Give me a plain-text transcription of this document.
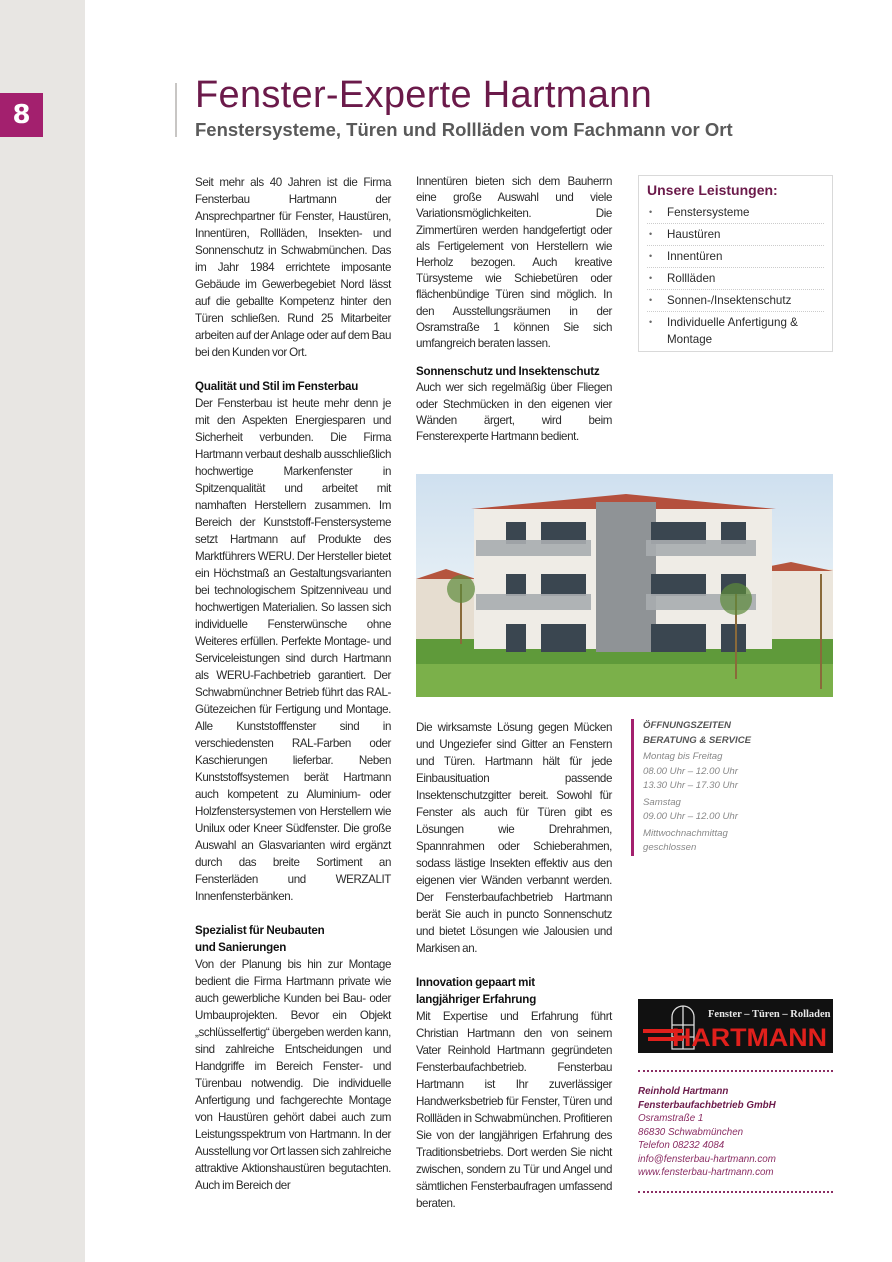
8	Fenster-Experte Hartmann
Fenstersysteme, Türen und Rollläden vom Fachmann vor Ort

Seit mehr als 40 Jahren ist die Firma Fensterbau Hartmann der Ansprechpartner für Fenster, Haustüren, Innentüren, Rollläden, Insekten- und Sonnenschutz in Schwabmünchen. Das im Jahr 1984 errichtete imposante Gebäude im Gewerbegebiet Nord lässt auf die geballte Kompetenz hinter den Türen schließen. Rund 25 Mitarbeiter arbeiten auf der Anlage oder auf dem Bau bei den Kunden vor Ort.

Qualität und Stil im Fensterbau

Der Fensterbau ist heute mehr denn je mit den Aspekten Energiesparen und Sicherheit verbunden. Die Firma Hartmann verbaut deshalb ausschließlich hochwertige Markenfenster in Spitzenqualität und arbeitet mit namhaften Herstellern zusammen. Im Bereich der Kunststoff-Fenstersysteme setzt Hartmann auf Produkte des Marktführers WERU. Der Hersteller bietet ein Höchstmaß an Gestaltungsvarianten bei technologischem Spitzenniveau und hochwertigen Materialien. So lassen sich individuelle Fensterwünsche ohne Weiteres erfüllen. Perfekte Montage- und Serviceleistungen sind durch Hartmann als WERU-Fachbetrieb garantiert. Der Schwabmünchner Betrieb führt das RAL-Gütezeichen für Fertigung und Montage. Alle Kunststofffenster sind in verschiedensten RAL-Farben oder Kaschierungen lieferbar. Neben Kunststoffsystemen berät Hartmann auch kompetent zu Aluminium- oder Holzfenstersystemen von Herstellern wie Unilux oder Kneer Südfenster. Die große Auswahl an Glasvarianten wird ergänzt durch das breite Sortiment an Fensterläden und WERZALIT Innenfensterbänken.

Spezialist für Neubauten
und Sanierungen

Von der Planung bis hin zur Montage bedient die Firma Hartmann private wie auch gewerbliche Kunden bei Bau- oder Umbauprojekten. Bevor ein Objekt „schlüsselfertig“ übergeben werden kann, sind zahlreiche Entscheidungen und Handgriffe im Bereich Fenster- und Türenbau notwendig. Die individuelle Anfertigung und fachgerechte Montage von Haustüren gehört dabei auch zum Leistungsspektrum von Hartmann. In der Ausstellung vor Ort lassen sich zahlreiche attraktive Aktionshaustüren begutachten. Auch im Bereich der

Innentüren bieten sich dem Bauherrn eine große Auswahl und viele Variationsmöglichkeiten. Die Zimmertüren werden handgefertigt oder als Fertigelement von Herstellern wie Herholz bezogen. Auch kreative Türsysteme wie Schiebetüren oder flächenbündige Türen sind möglich. In den Ausstellungsräumen in der Osramstraße 1 können Sie sich umfangreich beraten lassen.

Sonnenschutz und Insektenschutz

Auch wer sich regelmäßig über Fliegen oder Stechmücken in den eigenen vier Wänden ärgert, wird beim Fensterexperte Hartmann bedient.

Die wirksamste Lösung gegen Mücken und Ungeziefer sind Gitter an Fenstern und Türen. Hartmann hält für jede Einbausituation passende Insektenschutzgitter bereit. Sowohl für Fenster als auch für Türen gibt es Lösungen wie Drehrahmen, Spannrahmen oder Schieberahmen, sodass lästige Insekten effektiv aus den eigenen vier Wänden verbannt werden. Der Fensterbaufachbetrieb Hartmann berät Sie auch in puncto Sonnenschutz und bietet Lösungen wie Jalousien und Markisen an.

Innovation gepaart mit
langjähriger Erfahrung

Mit Expertise und Erfahrung führt Christian Hartmann den von seinem Vater Reinhold Hartmann gegründeten Fensterbaufachbetrieb. Fensterbau Hartmann ist Ihr zuverlässiger Handwerksbetrieb für Fenster, Türen und Rollläden in Schwabmünchen. Profitieren Sie von der langjährigen Erfahrung des Traditionsbetriebs. Dort werden Sie nicht zwischen, sondern zu Tür und Angel und sämtlichen Fensterbaufragen umfassend beraten.

Unsere Leistungen:
• Fenstersysteme
• Haustüren
• Innentüren
• Rollläden
• Sonnen-/Insektenschutz
• Individuelle Anfertigung & Montage
ÖFFNUNGSZEITEN
BERATUNG & SERVICE
Montag bis Freitag
08.00 Uhr – 12.00 Uhr
13.30 Uhr – 17.30 Uhr
Samstag
09.00 Uhr – 12.00 Uhr
Mittwochnachmittag
geschlossen
Fenster – Türen – Rolladen
HARTMANN
Reinhold Hartmann
Fensterbaufachbetrieb GmbH
Osramstraße 1
86830 Schwabmünchen
Telefon 08232 4084
info@fensterbau-hartmann.com
www.fensterbau-hartmann.com
